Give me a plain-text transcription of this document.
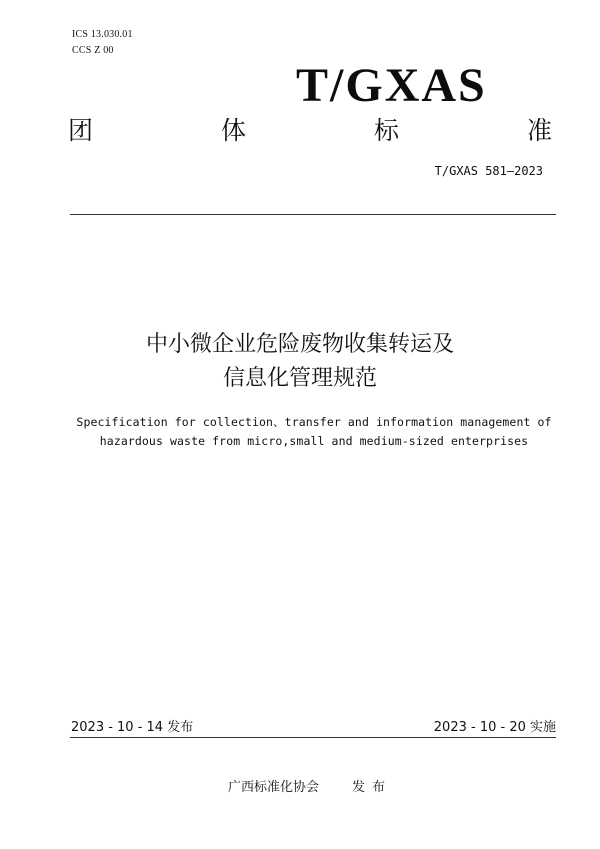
ICS 13.030.01
CCS Z 00
T/GXAS
团	体	标	准
T/GXAS 581—2023
中小微企业危险废物收集转运及
信息化管理规范
Specification for collection、transfer and information management of
hazardous waste from micro,small and medium-sized enterprises
2023 - 10 - 14 发布	2023 - 10 - 20 实施
广西标准化协会	发布
